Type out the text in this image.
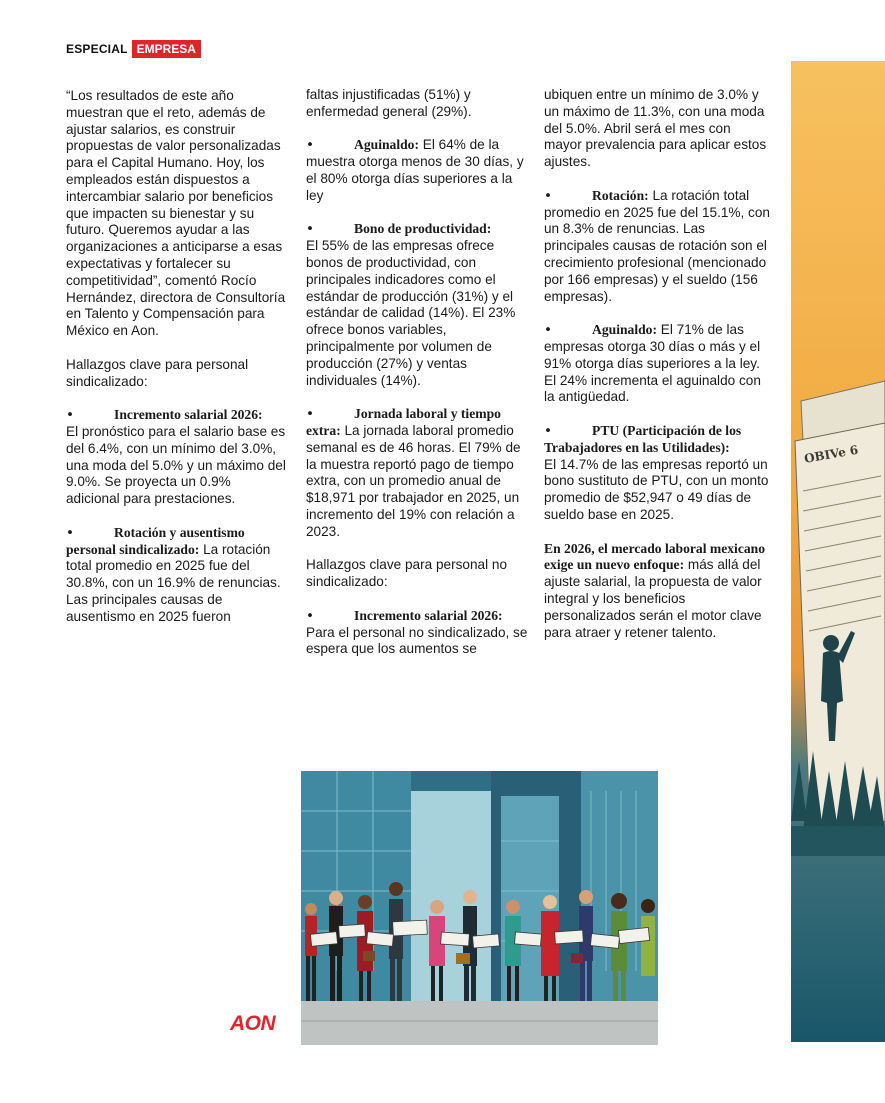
ESPECIAL EMPRESA

“Los resultados de este año muestran que el reto, además de ajustar salarios, es construir propuestas de valor personalizadas para el Capital Humano. Hoy, los empleados están dispuestos a intercambiar salario por beneficios que impacten su bienestar y su futuro. Queremos ayudar a las organizaciones a anticiparse a esas expectativas y fortalecer su competitividad”, comentó Rocío Hernández, directora de Consultoría en Talento y Compensación para México en Aon.

Hallazgos clave para personal sindicalizado:

•	Incremento salarial 2026:
El pronóstico para el salario base es del 6.4%, con un mínimo del 3.0%, una moda del 5.0% y un máximo del 9.0%. Se proyecta un 0.9% adicional para prestaciones.

•	Rotación y ausentismo personal sindicalizado: La rotación total promedio en 2025 fue del 30.8%, con un 16.9% de renuncias. Las principales causas de ausentismo en 2025 fueron

faltas injustificadas (51%) y enfermedad general (29%).

•	Aguinaldo: El 64% de la muestra otorga menos de 30 días, y el 80% otorga días superiores a la ley

•	Bono de productividad:
El 55% de las empresas ofrece bonos de productividad, con principales indicadores como el estándar de producción (31%) y el estándar de calidad (14%). El 23% ofrece bonos variables, principalmente por volumen de producción (27%) y ventas individuales (14%).

•	Jornada laboral y tiempo extra: La jornada laboral promedio semanal es de 46 horas. El 79% de la muestra reportó pago de tiempo extra, con un promedio anual de $18,971 por trabajador en 2025, un incremento del 19% con relación a 2023.

Hallazgos clave para personal no sindicalizado:

•	Incremento salarial 2026:
Para el personal no sindicalizado, se espera que los aumentos se

ubiquen entre un mínimo de 3.0% y un máximo de 11.3%, con una moda del 5.0%. Abril será el mes con mayor prevalencia para aplicar estos ajustes.

•	Rotación: La rotación total promedio en 2025 fue del 15.1%, con un 8.3% de renuncias. Las principales causas de rotación son el crecimiento profesional (mencionado por 166 empresas) y el sueldo (156 empresas).

•	Aguinaldo: El 71% de las empresas otorga 30 días o más y el 91% otorga días superiores a la ley. El 24% incrementa el aguinaldo con la antigüedad.

•	PTU (Participación de los Trabajadores en las Utilidades):
El 14.7% de las empresas reportó un bono sustituto de PTU, con un monto promedio de $52,947 o 49 días de sueldo base en 2025.

En 2026, el mercado laboral mexicano exige un nuevo enfoque: más allá del ajuste salarial, la propuesta de valor integral y los beneficios personalizados serán el motor clave para atraer y retener talento.

OBIVe 6
AON
